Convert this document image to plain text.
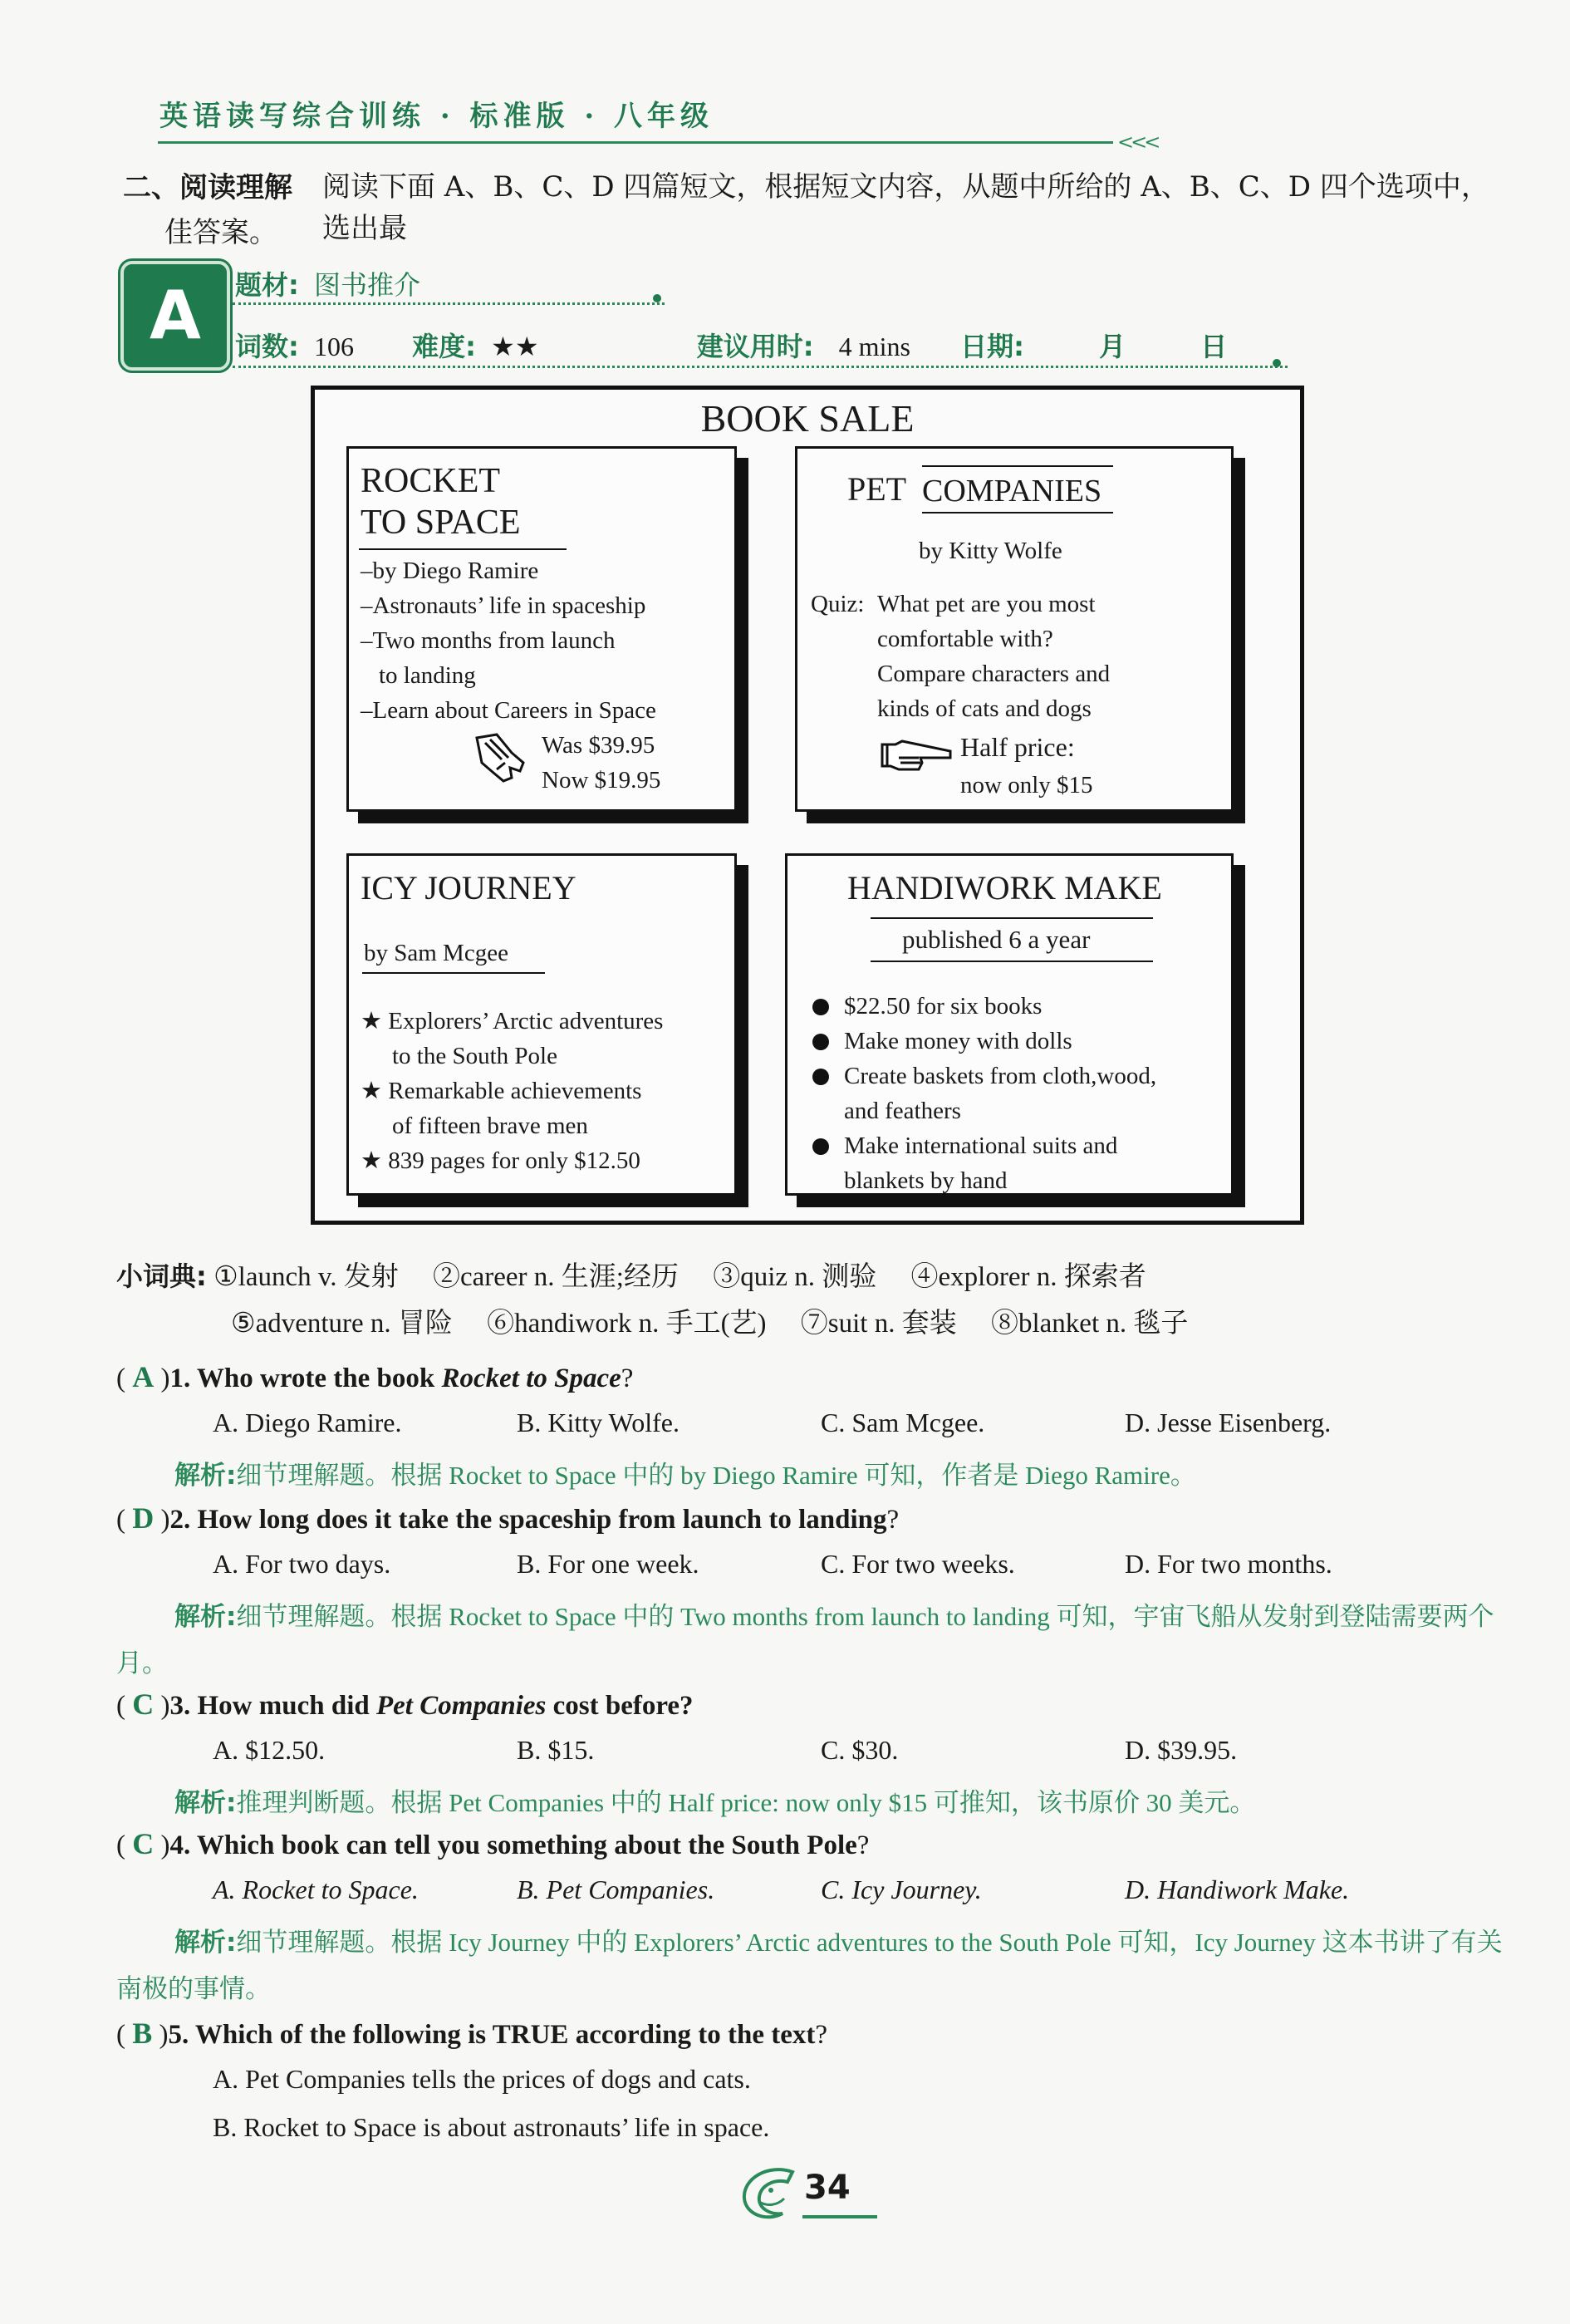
英语读写综合训练 · 标准版 · 八年级
<<<
二、阅读理解 阅读下面 A、B、C、D 四篇短文，根据短文内容，从题中所给的 A、B、C、D 四个选项中，选出最
佳答案。
A	题材: 图书推介
词数: 106 难度: ★★	建议用时: 4 mins 日期:	月	日
BOOK SALE
ROCKET
TO SPACE
–by Diego Ramire
–Astronauts’ life in spaceship
–Two months from launch
to landing
–Learn about Careers in Space
Was $39.95
Now $19.95
PET COMPANIES
by Kitty Wolfe
Quiz: What pet are you most
comfortable with?
Compare characters and
kinds of cats and dogs
Half price:
now only $15
ICY JOURNEY
by Sam Mcgee
★ Explorers’ Arctic adventures
to the South Pole
★ Remarkable achievements
of fifteen brave men
★ 839 pages for only $12.50
HANDIWORK MAKE
published 6 a year
$22.50 for six books
Make money with dolls
Create baskets from cloth,wood,
and feathers
Make international suits and
blankets by hand
小词典: ①launch v. 发射 　②career n. 生涯;经历 　③quiz n. 测验 　④explorer n. 探索者
⑤adventure n. 冒险 　⑥handiwork n. 手工(艺) 　⑦suit n. 套装 　⑧blanket n. 毯子
( A )1. Who wrote the book Rocket to Space?
A. Diego Ramire.	B. Kitty Wolfe.	C. Sam Mcgee.	D. Jesse Eisenberg.
解析:细节理解题。根据 Rocket to Space 中的 by Diego Ramire 可知，作者是 Diego Ramire。
( D )2. How long does it take the spaceship from launch to landing?
A. For two days.	B. For one week.	C. For two weeks.	D. For two months.
解析:细节理解题。根据 Rocket to Space 中的 Two months from launch to landing 可知，宇宙飞船从发射到登陆需要两个月。
( C )3. How much did Pet Companies cost before?
A. $12.50.	B. $15.	C. $30.	D. $39.95.
解析:推理判断题。根据 Pet Companies 中的 Half price: now only $15 可推知，该书原价 30 美元。
( C )4. Which book can tell you something about the South Pole?
A. Rocket to Space.	B. Pet Companies.	C. Icy Journey.	D. Handiwork Make.
解析:细节理解题。根据 Icy Journey 中的 Explorers’ Arctic adventures to the South Pole 可知，Icy Journey 这本书讲了有关南极的事情。
( B )5. Which of the following is TRUE according to the text?
A. Pet Companies tells the prices of dogs and cats.
B. Rocket to Space is about astronauts’ life in space.
34
